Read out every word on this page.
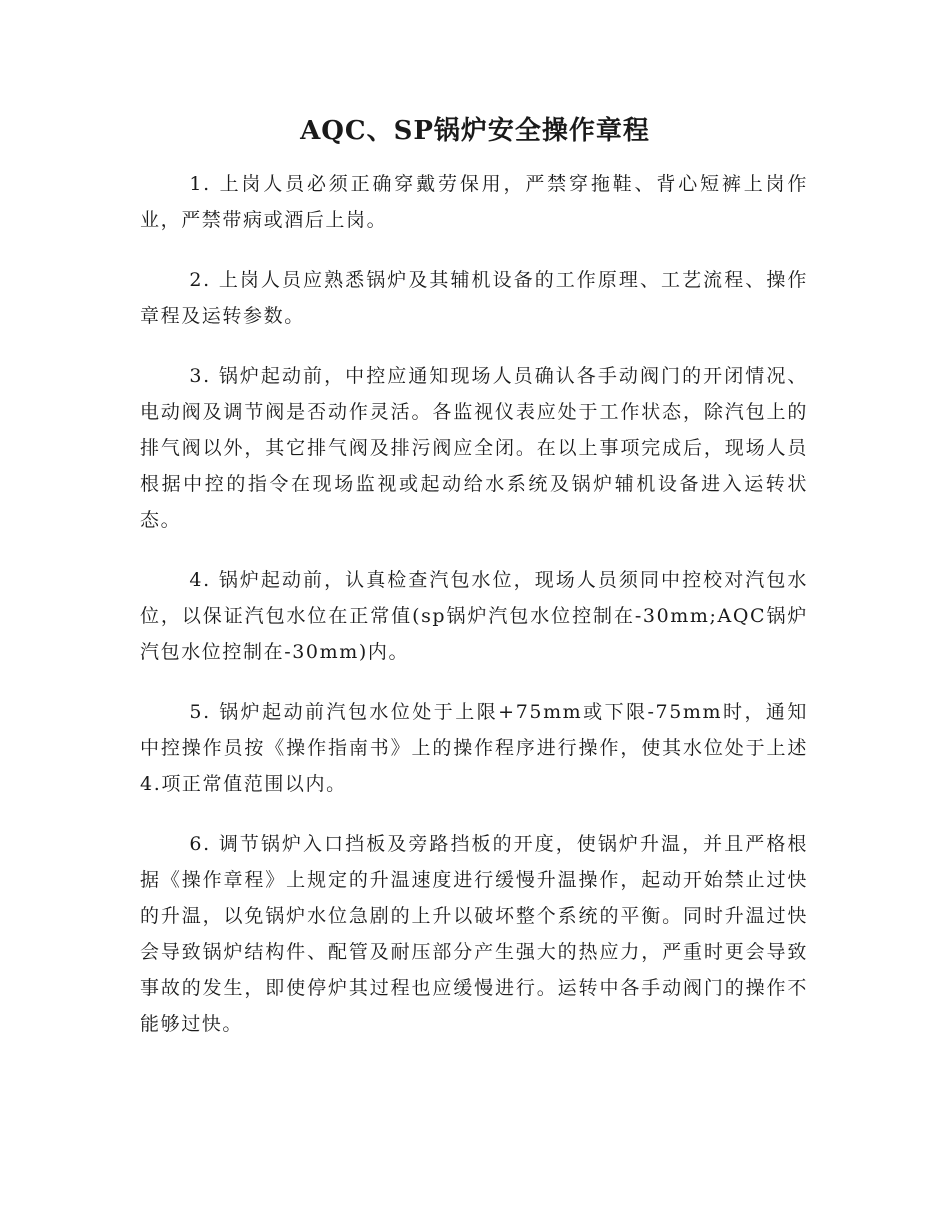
AQC、SP锅炉安全操作章程

1. 上岗人员必须正确穿戴劳保用，严禁穿拖鞋、背心短裤上岗作业，严禁带病或酒后上岗。

2. 上岗人员应熟悉锅炉及其辅机设备的工作原理、工艺流程、操作章程及运转参数。

3. 锅炉起动前，中控应通知现场人员确认各手动阀门的开闭情况、电动阀及调节阀是否动作灵活。各监视仪表应处于工作状态，除汽包上的排气阀以外，其它排气阀及排污阀应全闭。在以上事项完成后，现场人员根据中控的指令在现场监视或起动给水系统及锅炉辅机设备进入运转状态。

4. 锅炉起动前，认真检查汽包水位，现场人员须同中控校对汽包水位，以保证汽包水位在正常值(sp锅炉汽包水位控制在-30mm;AQC锅炉汽包水位控制在-30mm)内。

5. 锅炉起动前汽包水位处于上限+75mm或下限-75mm时，通知中控操作员按《操作指南书》上的操作程序进行操作，使其水位处于上述4.项正常值范围以内。

6. 调节锅炉入口挡板及旁路挡板的开度，使锅炉升温，并且严格根据《操作章程》上规定的升温速度进行缓慢升温操作，起动开始禁止过快的升温，以免锅炉水位急剧的上升以破坏整个系统的平衡。同时升温过快会导致锅炉结构件、配管及耐压部分产生强大的热应力，严重时更会导致事故的发生，即使停炉其过程也应缓慢进行。运转中各手动阀门的操作不能够过快。
